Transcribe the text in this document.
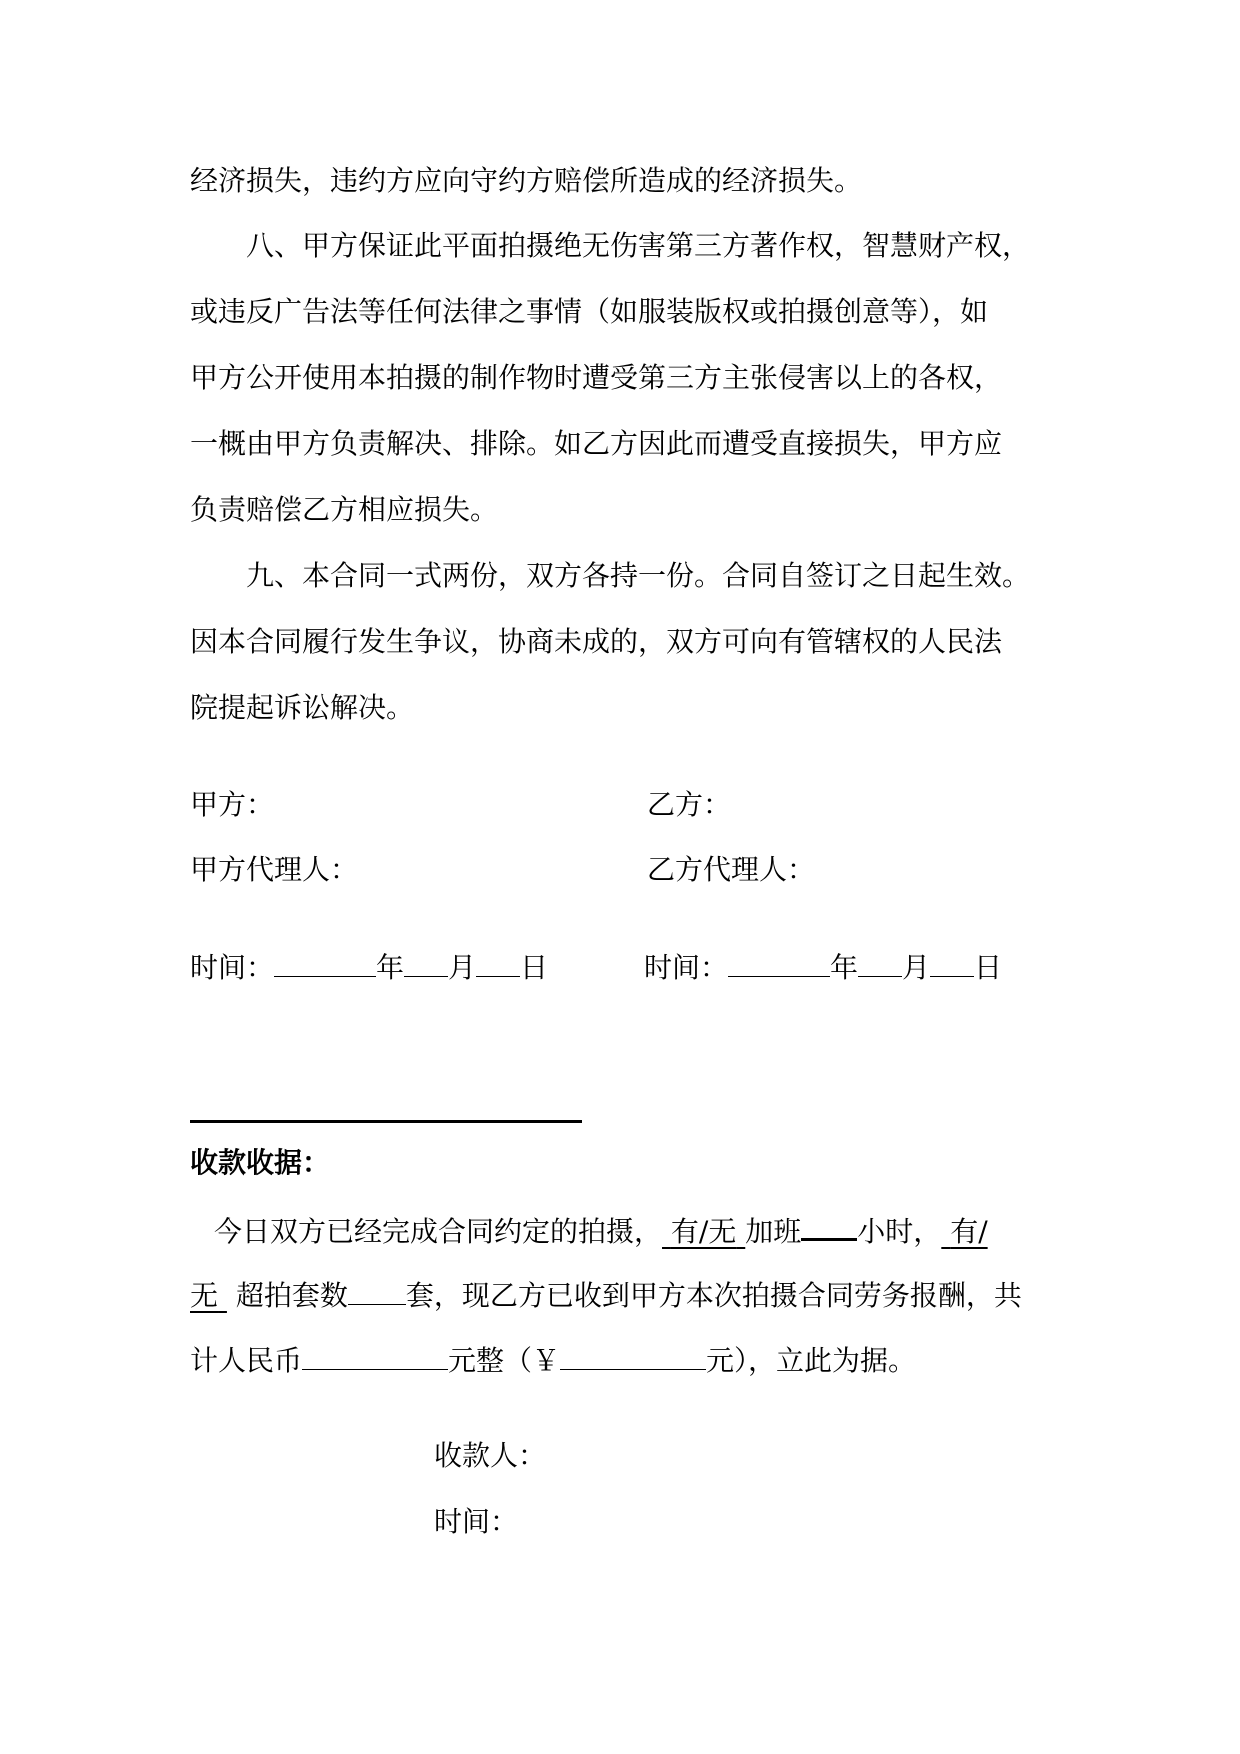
经济损失，违约方应向守约方赔偿所造成的经济损失。

八、甲方保证此平面拍摄绝无伤害第三方著作权，智慧财产权，

或违反广告法等任何法律之事情（如服装版权或拍摄创意等），如

甲方公开使用本拍摄的制作物时遭受第三方主张侵害以上的各权，

一概由甲方负责解决、排除。如乙方因此而遭受直接损失，甲方应

负责赔偿乙方相应损失。

九、本合同一式两份，双方各持一份。合同自签订之日起生效。

因本合同履行发生争议，协商未成的，双方可向有管辖权的人民法

院提起诉讼解决。

甲方：	乙方：

甲方代理人：	乙方代理人：

时间：	年 月 日	时间：	年 月 日

收款收据：

今日双方已经完成合同约定的拍摄， 有/无 加班 小时， 有/

无 超拍套数 套，现乙方已收到甲方本次拍摄合同劳务报酬，共

计人民币	元整（￥	元），立此为据。

收款人：

时间：
